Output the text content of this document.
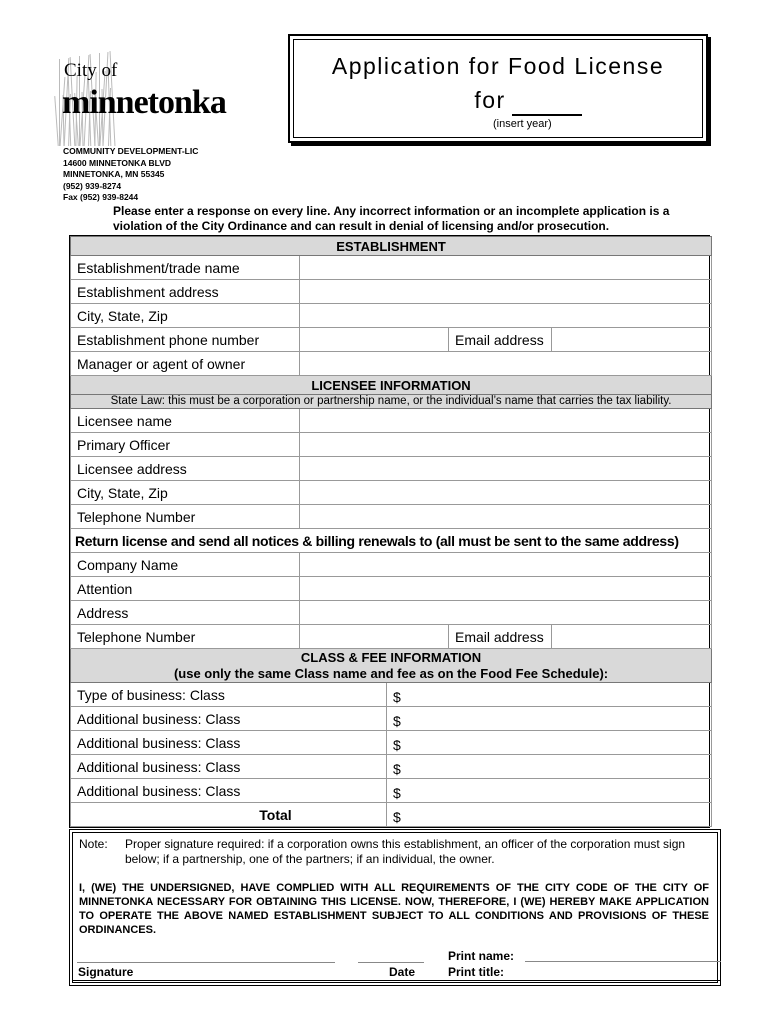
City of
minnetonka
Application for Food License
for
(insert year)
COMMUNITY DEVELOPMENT-LIC
14600 MINNETONKA BLVD
MINNETONKA, MN 55345
(952) 939-8274
Fax (952) 939-8244
Please enter a response on every line. Any incorrect information or an incomplete application is a violation of the City Ordinance and can result in denial of licensing and/or prosecution.
ESTABLISHMENT				
Establishment/trade name				
Establishment address				
City, State, Zip				
Establishment phone number			Email address	
Manager or agent of owner				
LICENSEE INFORMATION				
State Law: this must be a corporation or partnership name, or the individual’s name that carries the tax liability.				
Licensee name				
Primary Officer				
Licensee address				
City, State, Zip				
Telephone Number				
Return license and send all notices & billing renewals to (all must be sent to the same address)				
Company Name				
Attention				
Address				
Telephone Number			Email address	

CLASS & FEE INFORMATION
(use only the same Class name and fee as on the Food Fee Schedule):				

Type of business: Class		$		
Additional business: Class		$		
Additional business: Class		$		
Additional business: Class		$		
Additional business: Class		$		
Total		$		
Note:	Proper signature required: if a corporation owns this establishment, an officer of the corporation must sign below; if a partnership, one of the partners; if an individual, the owner.
I, (WE) THE UNDERSIGNED, HAVE COMPLIED WITH ALL REQUIREMENTS OF THE CITY CODE OF THE CITY OF MINNETONKA NECESSARY FOR OBTAINING THIS LICENSE. NOW, THEREFORE, I (WE) HEREBY MAKE APPLICATION TO OPERATE THE ABOVE NAMED ESTABLISHMENT SUBJECT TO ALL CONDITIONS AND PROVISIONS OF THESE ORDINANCES.
Signature	Date
Print name:
Print title:
